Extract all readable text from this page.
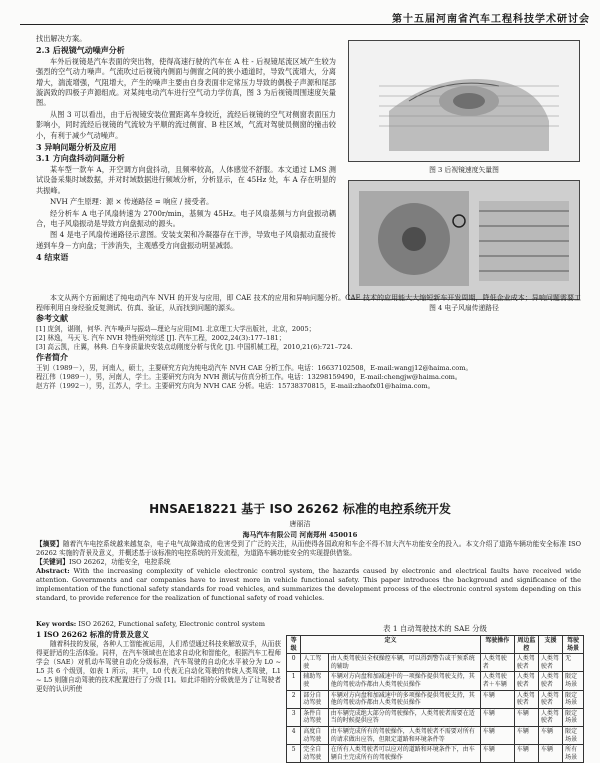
第十五届河南省汽车工程科技学术研讨会

找出解决方案。

2.3 后视镜气动噪声分析

车外后视镜是汽车表面的突出物，使得高速行驶的汽车在 A 柱 - 后视镜尾流区域产生较为强烈的空气动力噪声。气流吹过后视镜内侧面与侧窗之间的狭小通道时，导致气流增大，分离增大，湍流增强，气阻增大，产生的噪声主要由自身表面非定常压力导致的偶极子声源和尾部漩涡致的四极子声源组成。对某纯电动汽车进行空气动力学仿真，图 3 为后视镜周围速度矢量图。

从图 3 可以看出，由于后视镜安装位置距离车身较近，流经后视镜的空气对侧窗表面压力影响小，同时流经后视镜的气流较为平顺的流过侧窗、B 柱区域，气流对驾驶员侧窗的撞击较小，有利于减少气动噪声。

3 异响问题分析及应用
3.1 方向盘抖动问题分析

某车型一款车 A，开空调方向盘抖动，且频率较高，人体感觉不舒服。本文通过 LMS 测试设备采集时域数据，并对时域数据进行频域分析，分析显示，在 45Hz 处，车 A 存在明显的共振峰。

NVH 产生原理：源 × 传递路径 = 响应 / 接受者。

经分析车 A 电子风扇转速为 2700r/min，基频为 45Hz。电子风扇基频与方向盘振动耦合，电子风扇振动是导致方向盘振动的源头。

图 4 是电子风扇传递路径示意图。安装支架和冷凝器存在干涉，导致电子风扇振动直接传递到车身－方向盘；干涉消失，主观感受方向盘振动明显减弱。

4 结束语
图 3 后视镜速度矢量图
图 4 电子风扇传递路径

本文从两个方面阐述了纯电动汽车 NVH 的开发与应用，即 CAE 技术的应用和异响问题分析。CAE 技术的应用能大大缩短新车开发周期，降低企业成本；异响问题需要工程师利用自身经验反复测试、仿真、验证，从而找到问题的源头。

参考文献
[1] 庞剑，谌刚，何华. 汽车噪声与振动—理论与应用[M]. 北京理工大学出版社，北京，2005；
[2] 林逸，马天飞. 汽车 NVH 特性研究综述 [J]. 汽车工程，2002,24(3):177–181；
[3] 高云凯，庄翼，林典. 白车身质量块安装点动刚度分析与优化 [J]. 中国机械工程，2010,21(6):721–724.
作者简介
王钊（1989－），男，河南人，硕士，主要研究方向为纯电动汽车 NVH CAE 分析工作。电话：16637102508，E-mail:wangj12@haima.com。
程江伟（1989－），男，河南人，学士。主要研究方向为 NVH 测试与仿真分析工作。电话：13298159490，E-mail:chengjw@haima.com。
赵方祥（1992－），男，江苏人，学士。主要研究方向为 NVH CAE 分析。电话：15738370815，E-mail:zhaofx01@haima.com。
HNSAE18221 基于 ISO 26262 标准的电控系统开发
唐丽洁
海马汽车有限公司 河南郑州 450016

【摘要】随着汽车电控系统越来越复杂，电子电气故障造成的危害受到了广泛的关注，从而使得各国政府和车企不得不加大汽车功能安全的投入。本文介绍了道路车辆功能安全标准 ISO 26262 实施的背景及意义，并概述基于该标准的电控系统的开发流程，为道路车辆功能安全的实现提供借鉴。

【关键词】ISO 26262，功能安全，电控系统

Abstract: With the increasing complexity of vehicle electronic control system, the hazards caused by electronic and electrical faults have received wide attention. Governments and car companies have to invest more in vehicle functional safety. This paper introduces the background and significance of the implementation of the functional safety standards for road vehicles, and summarizes the development process of the electronic control system depending on this standard, to provide reference for the realization of functional safety of road vehicles.

Key words: ISO 26262, Functional safety, Electronic control system
1 ISO 26262 标准的背景及意义

随着科技的发展，各种人工智能被运用，人们希望通过科技来解放双手，从而获得更舒适的生活体验。同样，在汽车领域也在追求自动化和智能化，根据汽车工程师学会（SAE）对机动车驾驶自动化分级标准，汽车驾驶的自动化水平被分为 L0 ~ L5 共 6 个级别，如表 1 所示，其中，L0 代表无自动化驾驶的传统人类驾驶，L1 ~ L5 则随自动驾驶的技术配置进行了分级 [1]。如此详细的分级就是为了让驾驶者更好的认识所使

表 1 自动驾驶技术的 SAE 分级
等级	定义		驾驶操作	周边监控	支援	驾驶场景
0	人工驾驶	由人类驾驶员全权操控车辆，可以得到警告或干预系统的辅助	人类驾驶者	人类驾驶者	人类驾驶者	无
1	辅助驾驶	车辆对方向盘和加减速中的一项操作提供驾驶支持，其他的驾驶动作都由人类驾驶员操作	人类驾驶者＋车辆	人类驾驶者	人类驾驶者	限定场景
2	部分自动驾驶	车辆对方向盘和加减速中的多项操作提供驾驶支持，其他的驾驶动作都由人类驾驶员操作	车辆	人类驾驶者	人类驾驶者	限定场景
3	条件自动驾驶	由车辆完成绝大部分的驾驶操作，人类驾驶者需要在适当的时候提供应答	车辆	车辆	人类驾驶者	限定场景
4	高度自动驾驶	由车辆完成所有的驾驶操作，人类驾驶者不需要对所有的请求做出应答，但限定道路和环境条件等	车辆	车辆	车辆	限定场景
5	完全自动驾驶	在所有人类驾驶者可以应对的道路和环境条件下，由车辆自主完成所有的驾驶操作	车辆	车辆	车辆	所有场景
